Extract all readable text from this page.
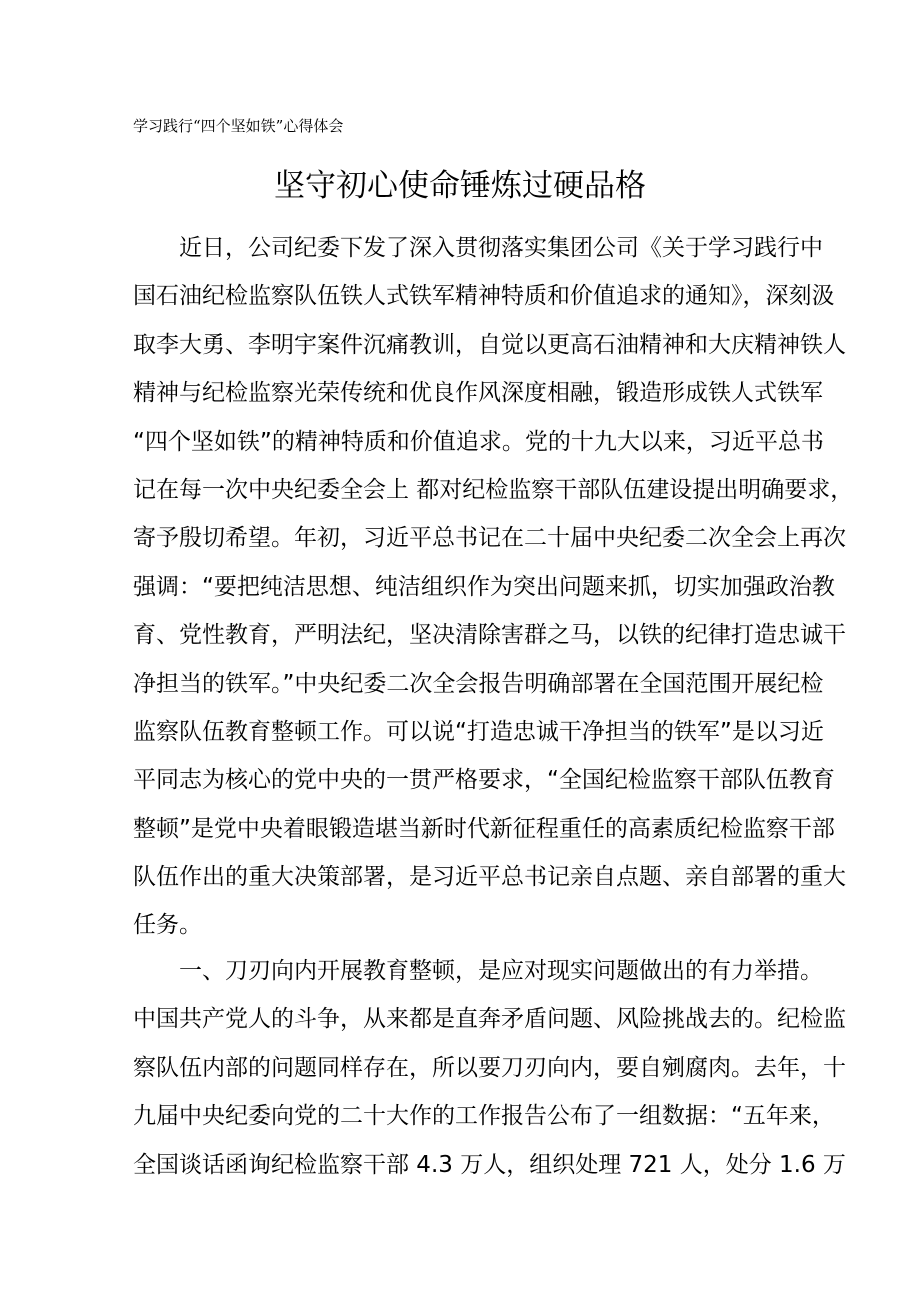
学习践行“四个坚如铁”心得体会
坚守初心使命锤炼过硬品格
近日，公司纪委下发了深入贯彻落实集团公司《关于学习践行中
国石油纪检监察队伍铁人式铁军精神特质和价值追求的通知》，深刻汲
取李大勇、李明宇案件沉痛教训，自觉以更高石油精神和大庆精神铁人
精神与纪检监察光荣传统和优良作风深度相融，锻造形成铁人式铁军
“四个坚如铁”的精神特质和价值追求。党的十九大以来，习近平总书
记在每一次中央纪委全会上 都对纪检监察干部队伍建设提出明确要求，
寄予殷切希望。年初，习近平总书记在二十届中央纪委二次全会上再次
强调：“要把纯洁思想、纯洁组织作为突出问题来抓，切实加强政治教
育、党性教育，严明法纪，坚决清除害群之马，以铁的纪律打造忠诚干
净担当的铁军。”中央纪委二次全会报告明确部署在全国范围开展纪检
监察队伍教育整顿工作。可以说“打造忠诚干净担当的铁军”是以习近
平同志为核心的党中央的一贯严格要求，“全国纪检监察干部队伍教育
整顿”是党中央着眼锻造堪当新时代新征程重任的高素质纪检监察干部
队伍作出的重大决策部署，是习近平总书记亲自点题、亲自部署的重大
任务。
一、刀刃向内开展教育整顿，是应对现实问题做出的有力举措。
中国共产党人的斗争，从来都是直奔矛盾问题、风险挑战去的。纪检监
察队伍内部的问题同样存在，所以要刀刃向内，要自剜腐肉。去年，十
九届中央纪委向党的二十大作的工作报告公布了一组数据：“五年来，
全国谈话函询纪检监察干部 4.3 万人，组织处理 721 人，处分 1.6 万
